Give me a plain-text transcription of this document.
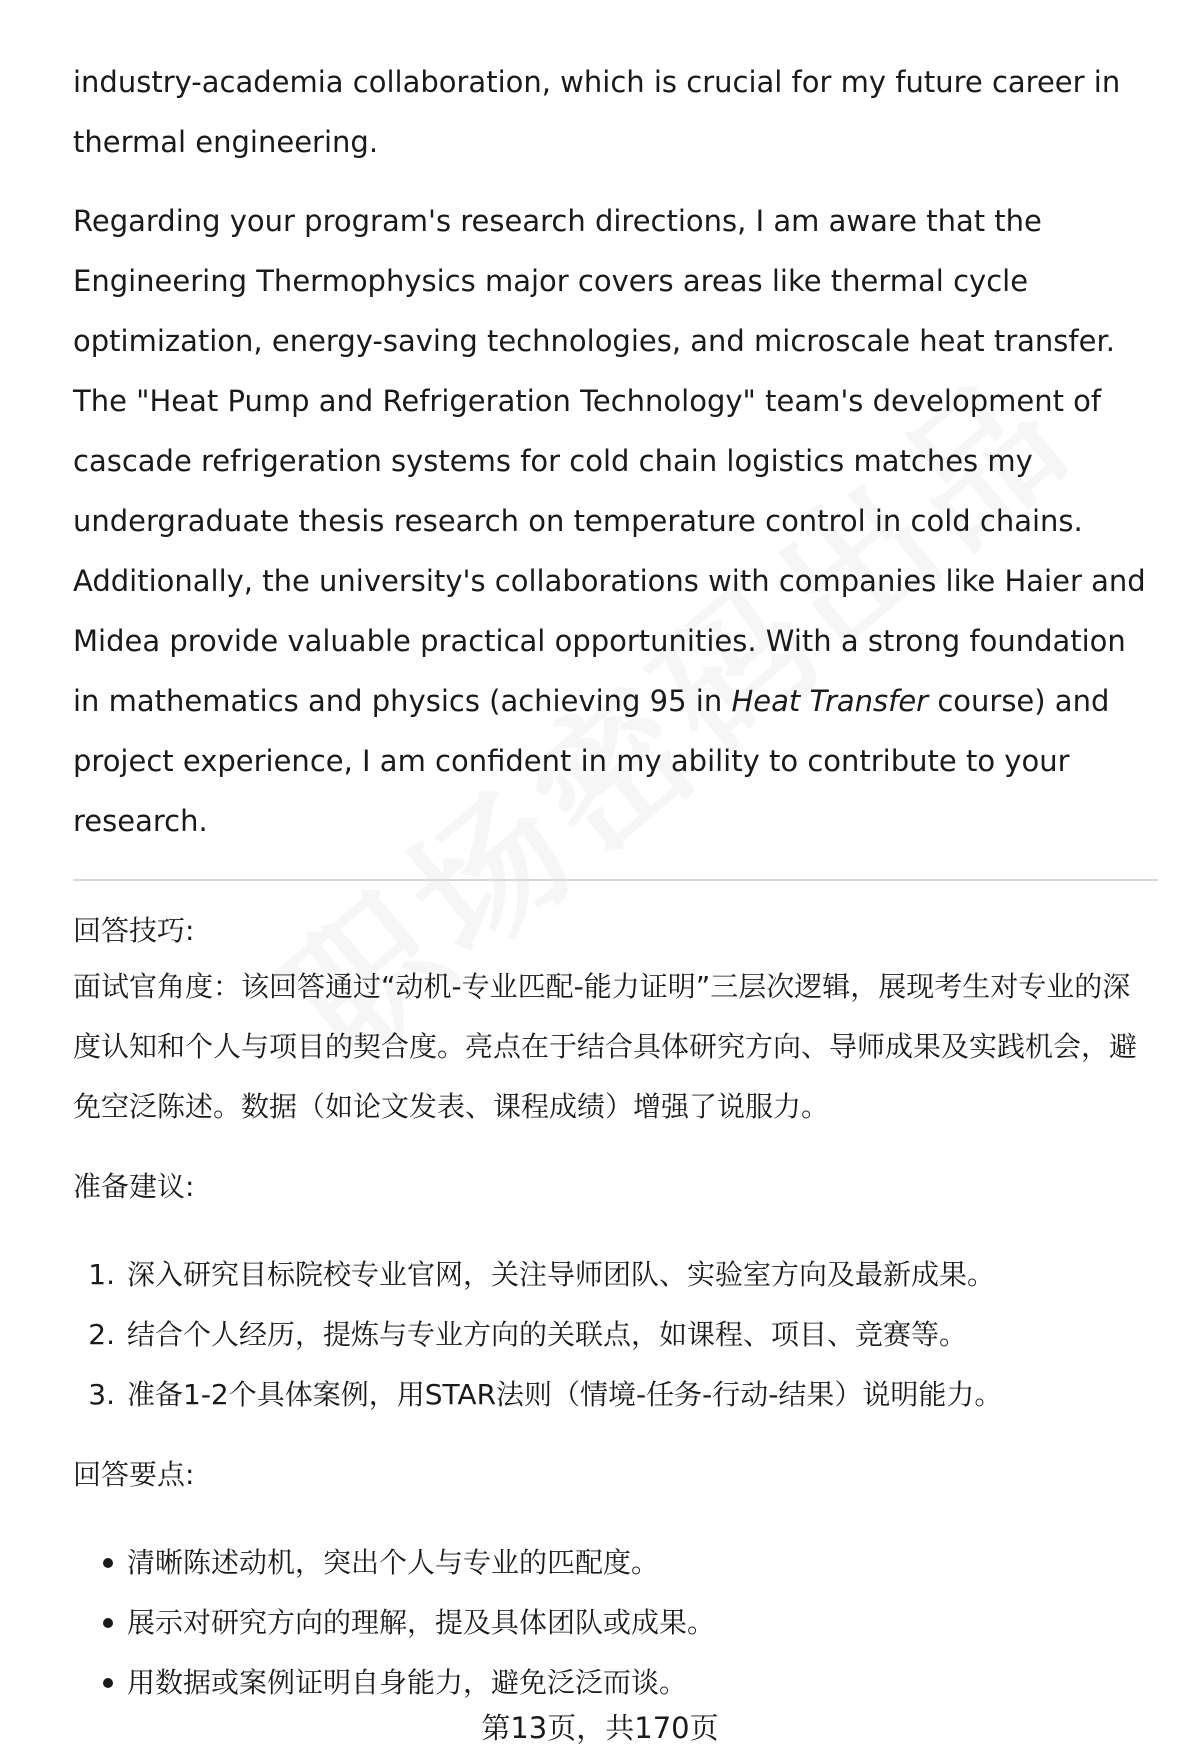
industry-academia collaboration, which is crucial for my future career in thermal engineering.

Regarding your program's research directions, I am aware that the Engineering Thermophysics major covers areas like thermal cycle optimization, energy-saving technologies, and microscale heat transfer. The "Heat Pump and Refrigeration Technology" team's development of cascade refrigeration systems for cold chain logistics matches my undergraduate thesis research on temperature control in cold chains. Additionally, the university's collaborations with companies like Haier and Midea provide valuable practical opportunities. With a strong foundation in mathematics and physics (achieving 95 in Heat Transfer course) and project experience, I am confident in my ability to contribute to your research.

回答技巧:

面试官角度：该回答通过“动机-专业匹配-能力证明”三层次逻辑，展现考生对专业的深度认知和个人与项目的契合度。亮点在于结合具体研究方向、导师成果及实践机会，避免空泛陈述。数据（如论文发表、课程成绩）增强了说服力。

准备建议:

1. 深入研究目标院校专业官网，关注导师团队、实验室方向及最新成果。
2. 结合个人经历，提炼与专业方向的关联点，如课程、项目、竞赛等。
3. 准备1-2个具体案例，用STAR法则（情境-任务-行动-结果）说明能力。

回答要点:

清晰陈述动机，突出个人与专业的匹配度。
展示对研究方向的理解，提及具体团队或成果。
用数据或案例证明自身能力，避免泛泛而谈。
第13页，共170页
